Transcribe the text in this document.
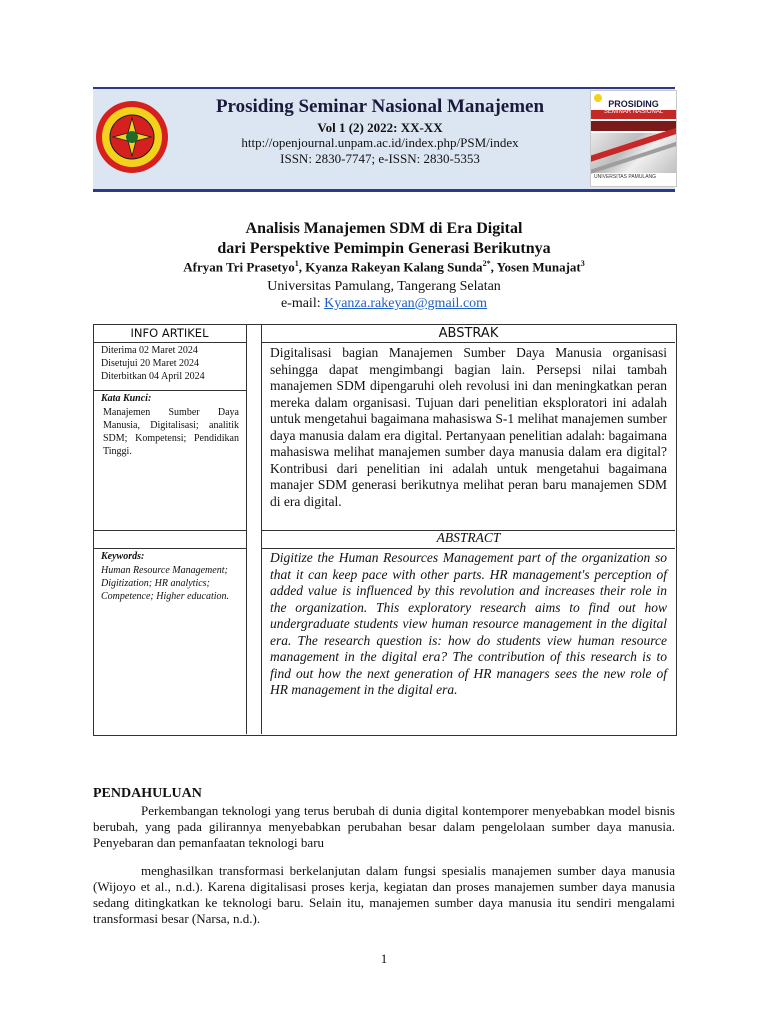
Prosiding Seminar Nasional Manajemen
Vol 1 (2) 2022: XX-XX
http://openjournal.unpam.ac.id/index.php/PSM/index
ISSN: 2830-7747; e-ISSN: 2830-5353
PROSIDING
SEMINAR NASIONAL
UNIVERSITAS PAMULANG
Analisis Manajemen SDM di Era Digital
dari Perspektive Pemimpin Generasi Berikutnya
Afryan Tri Prasetyo$^1$, Kyanza Rakeyan Kalang Sunda$^{2*}$, Yosen Munajat$^3$
Universitas Pamulang, Tangerang Selatan
e-mail: Kyanza.rakeyan@gmail.com
INFO ARTIKEL
Diterima 02 Maret 2024
Disetujui 20 Maret 2024
Diterbitkan 04 April 2024
Kata Kunci:
Manajemen Sumber Daya Manusia, Digitalisasi; analitik SDM; Kompetensi; Pendidikan Tinggi.
Keywords:
Human Resource Management; Digitization; HR analytics; Competence; Higher education.
ABSTRAK
Digitalisasi bagian Manajemen Sumber Daya Manusia organisasi sehingga dapat mengimbangi bagian lain. Persepsi nilai tambah manajemen SDM dipengaruhi oleh revolusi ini dan meningkatkan peran mereka dalam organisasi. Tujuan dari penelitian eksploratori ini adalah untuk mengetahui bagaimana mahasiswa S-1 melihat manajemen sumber daya manusia dalam era digital. Pertanyaan penelitian adalah: bagaimana mahasiswa melihat manajemen sumber daya manusia dalam era digital? Kontribusi dari penelitian ini adalah untuk mengetahui bagaimana manajer SDM generasi berikutnya melihat peran baru manajemen SDM di era digital.
ABSTRACT
Digitize the Human Resources Management part of the organization so that it can keep pace with other parts. HR management's perception of added value is influenced by this revolution and increases their role in the organization. This exploratory research aims to find out how undergraduate students view human resource management in the digital era. The research question is: how do students view human resource management in the digital era? The contribution of this research is to find out how the next generation of HR managers sees the new role of HR management in the digital era.
PENDAHULUAN
Perkembangan teknologi yang terus berubah di dunia digital kontemporer menyebabkan model bisnis berubah, yang pada gilirannya menyebabkan perubahan besar dalam pengelolaan sumber daya manusia. Penyebaran dan pemanfaatan teknologi baru
menghasilkan transformasi berkelanjutan dalam fungsi spesialis manajemen sumber daya manusia (Wijoyo et al., n.d.). Karena digitalisasi proses kerja, kegiatan dan proses manajemen sumber daya manusia sedang ditingkatkan ke teknologi baru. Selain itu, manajemen sumber daya manusia itu sendiri mengalami transformasi besar (Narsa, n.d.).
1
